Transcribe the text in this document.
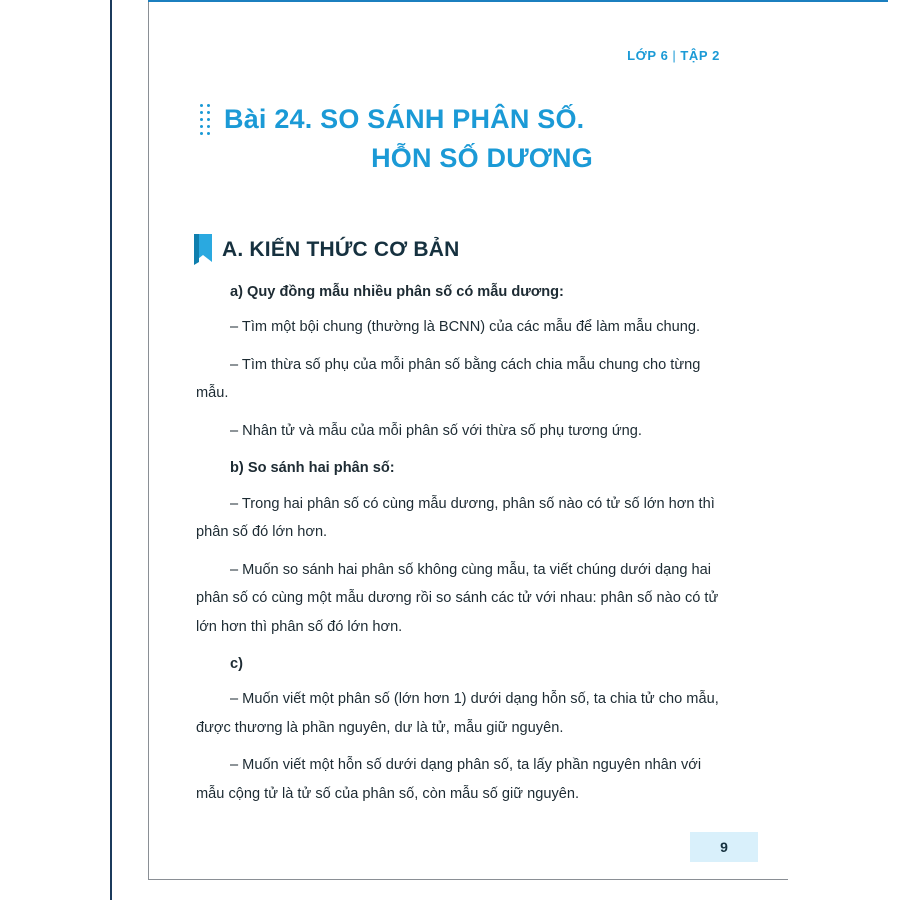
LỚP 6 | TẬP 2
Bài 24. SO SÁNH PHÂN SỐ.
HỖN SỐ DƯƠNG
A. KIẾN THỨC CƠ BẢN

a) Quy đồng mẫu nhiều phân số có mẫu dương:

– Tìm một bội chung (thường là BCNN) của các mẫu để làm mẫu chung.

– Tìm thừa số phụ của mỗi phân số bằng cách chia mẫu chung cho từng mẫu.

– Nhân tử và mẫu của mỗi phân số với thừa số phụ tương ứng.

b) So sánh hai phân số:

– Trong hai phân số có cùng mẫu dương, phân số nào có tử số lớn hơn thì phân số đó lớn hơn.

– Muốn so sánh hai phân số không cùng mẫu, ta viết chúng dưới dạng hai phân số có cùng một mẫu dương rồi so sánh các tử với nhau: phân số nào có tử lớn hơn thì phân số đó lớn hơn.

c)

– Muốn viết một phân số (lớn hơn 1) dưới dạng hỗn số, ta chia tử cho mẫu, được thương là phần nguyên, dư là tử, mẫu giữ nguyên.

– Muốn viết một hỗn số dưới dạng phân số, ta lấy phần nguyên nhân với mẫu cộng tử là tử số của phân số, còn mẫu số giữ nguyên.

9
